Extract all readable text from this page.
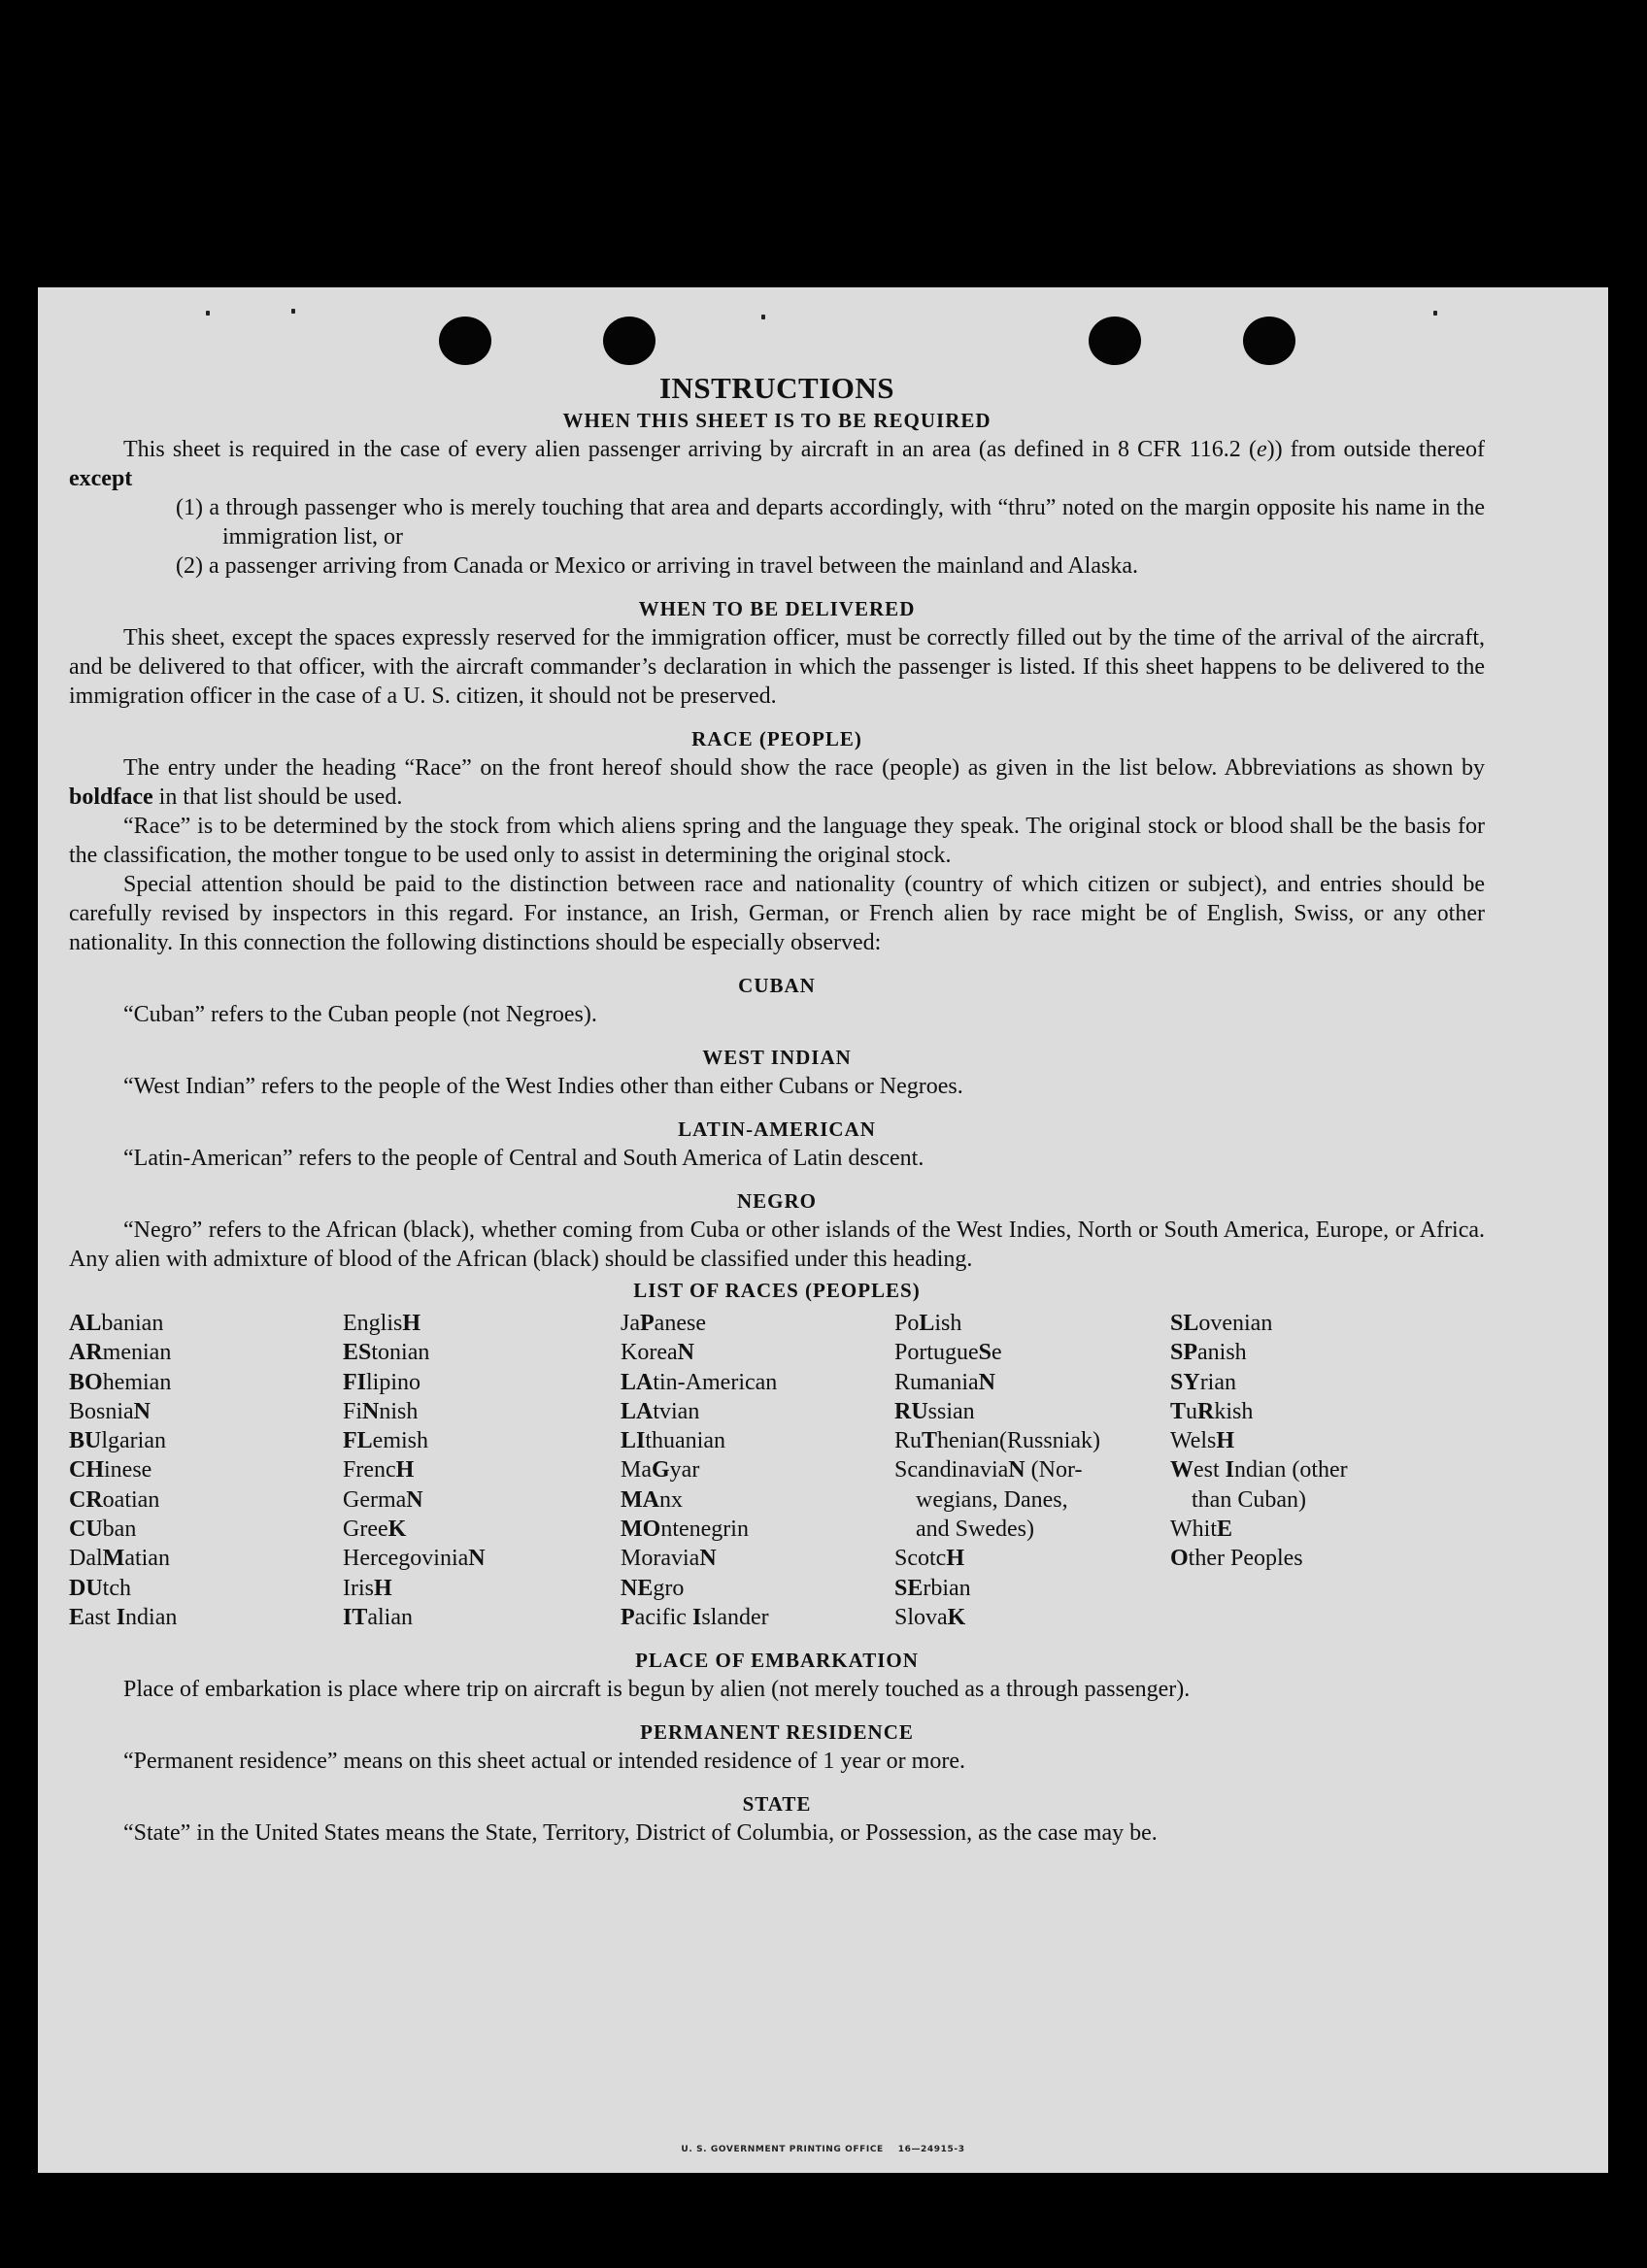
INSTRUCTIONS
WHEN THIS SHEET IS TO BE REQUIRED

This sheet is required in the case of every alien passenger arriving by aircraft in an area (as defined in 8 CFR 116.2 (e)) from outside thereof except

(1) a through passenger who is merely touching that area and departs accordingly, with “thru” noted on the margin opposite his name in the immigration list, or

(2) a passenger arriving from Canada or Mexico or arriving in travel between the mainland and Alaska.

WHEN TO BE DELIVERED

This sheet, except the spaces expressly reserved for the immigration officer, must be correctly filled out by the time of the arrival of the aircraft, and be delivered to that officer, with the aircraft commander’s declaration in which the passenger is listed. If this sheet happens to be delivered to the immigration officer in the case of a U. S. citizen, it should not be preserved.

RACE (PEOPLE)

The entry under the heading “Race” on the front hereof should show the race (people) as given in the list below. Abbreviations as shown by boldface in that list should be used.

“Race” is to be determined by the stock from which aliens spring and the language they speak. The original stock or blood shall be the basis for the classification, the mother tongue to be used only to assist in determining the original stock.

Special attention should be paid to the distinction between race and nationality (country of which citizen or subject), and entries should be carefully revised by inspectors in this regard. For instance, an Irish, German, or French alien by race might be of English, Swiss, or any other nationality. In this connection the following distinctions should be especially observed:

CUBAN

“Cuban” refers to the Cuban people (not Negroes).

WEST INDIAN

“West Indian” refers to the people of the West Indies other than either Cubans or Negroes.

LATIN-AMERICAN

“Latin-American” refers to the people of Central and South America of Latin descent.

NEGRO

“Negro” refers to the African (black), whether coming from Cuba or other islands of the West Indies, North or South America, Europe, or Africa. Any alien with admixture of blood of the African (black) should be classified under this heading.

LIST OF RACES (PEOPLES)
ALbanian
ARmenian
BOhemian
BosniaN
BUlgarian
CHinese
CRoatian
CUban
DalMatian
DUtch
East Indian
EnglisH
EStonian
FIlipino
FiNnish
FLemish
FrencH
GermaN
GreeK
HercegoviniaN
IrisH
ITalian
JaPanese
KoreaN
LAtin-American
LAtvian
LIthuanian
MaGyar
MAnx
MOntenegrin
MoraviaN
NEgro
Pacific Islander
PoLish
PortugueSe
RumaniaN
RUssian
RuThenian(Russniak)
ScandinaviaN (Nor-
wegians, Danes,
and Swedes)
ScotcH
SErbian
SlovaK
SLovenian
SPanish
SYrian
TuRkish
WelsH
West Indian (other
than Cuban)
WhitE
Other Peoples
PLACE OF EMBARKATION

Place of embarkation is place where trip on aircraft is begun by alien (not merely touched as a through passenger).

PERMANENT RESIDENCE

“Permanent residence” means on this sheet actual or intended residence of 1 year or more.

STATE

“State” in the United States means the State, Territory, District of Columbia, or Possession, as the case may be.

U. S. GOVERNMENT PRINTING OFFICE    16—24915-3
